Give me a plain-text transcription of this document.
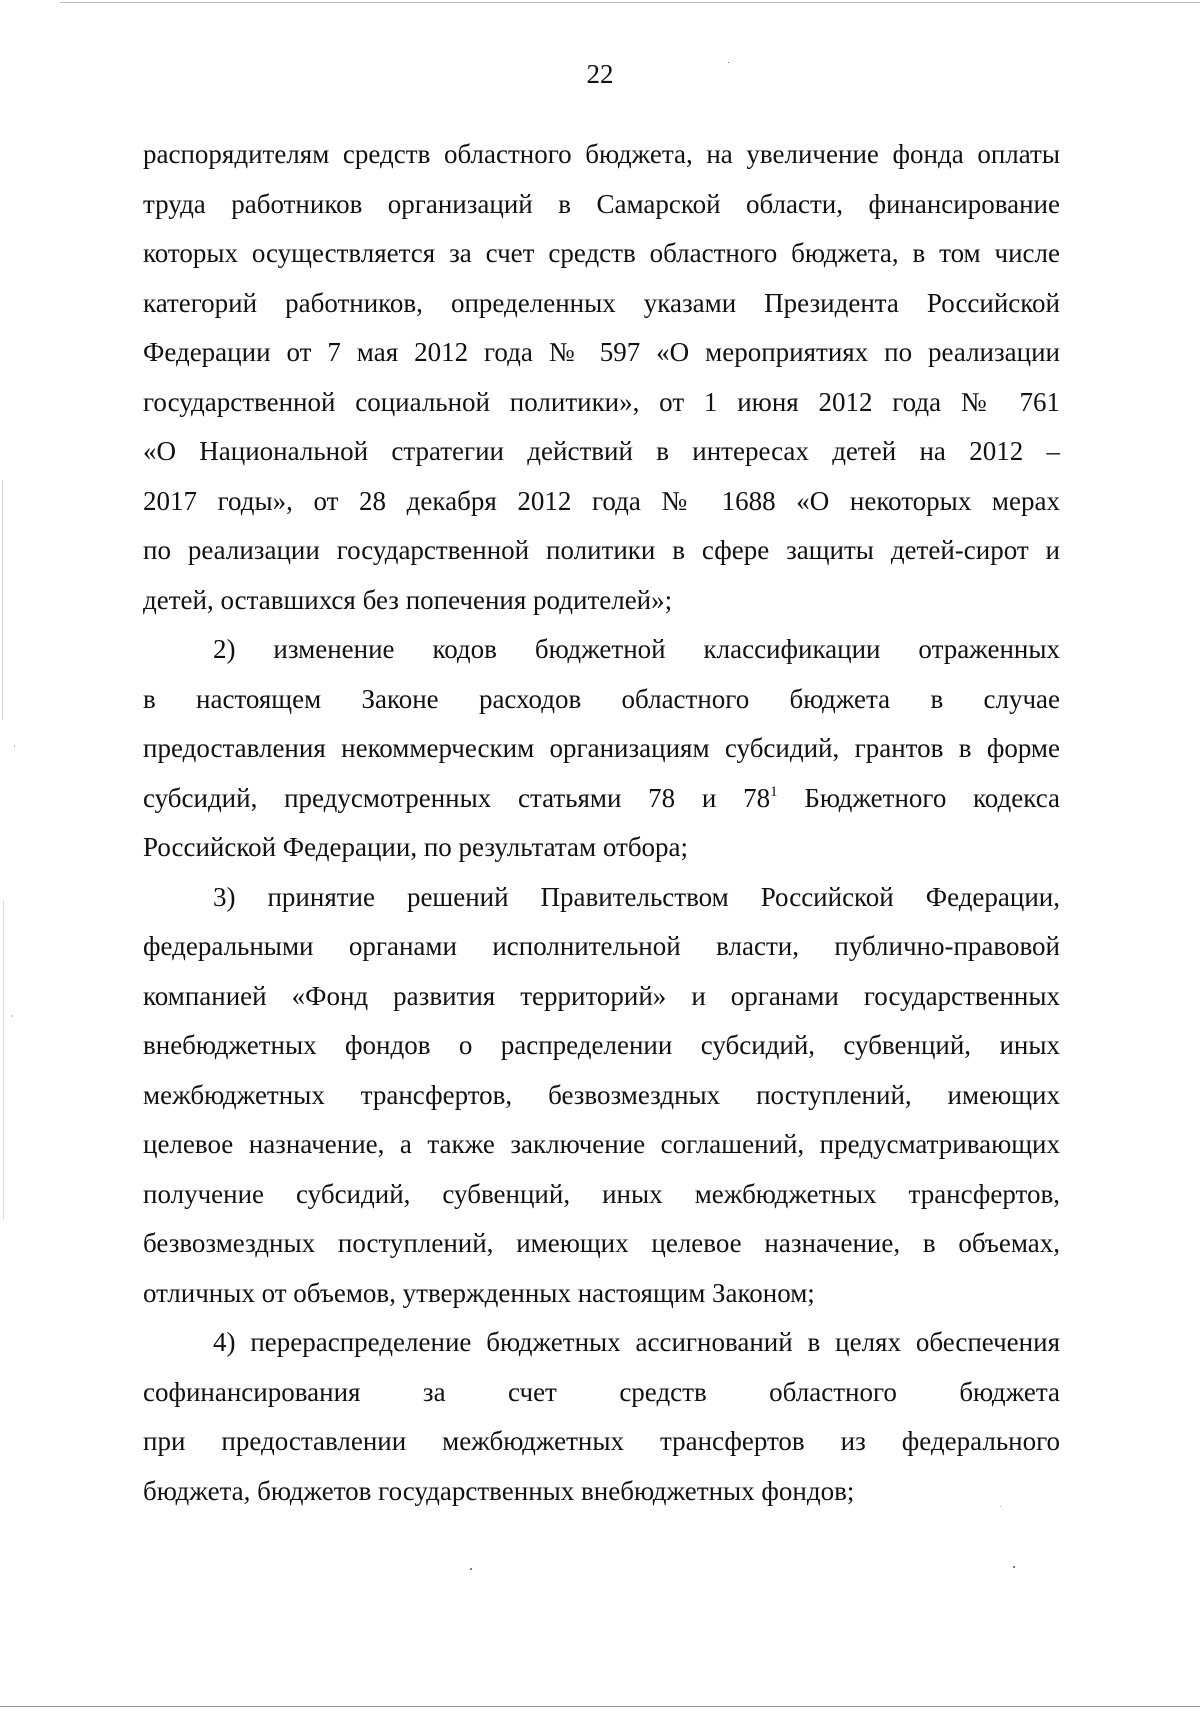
22
распорядителям средств областного бюджета, на увеличение фонда оплаты
труда работников организаций в Самарской области, финансирование
которых осуществляется за счет средств областного бюджета, в том числе
категорий работников, определенных указами Президента Российской
Федерации от 7 мая 2012 года № 597 «О мероприятиях по реализации
государственной социальной политики», от 1 июня 2012 года № 761
«О Национальной стратегии действий в интересах детей на 2012 –
2017 годы», от 28 декабря 2012 года № 1688 «О некоторых мерах
по реализации государственной политики в сфере защиты детей-сирот и
детей, оставшихся без попечения родителей»;
2) изменение кодов бюджетной классификации отраженных
в настоящем Законе расходов областного бюджета в случае
предоставления некоммерческим организациям субсидий, грантов в форме
субсидий, предусмотренных статьями 78 и $78^1$ Бюджетного кодекса
Российской Федерации, по результатам отбора;
3) принятие решений Правительством Российской Федерации,
федеральными органами исполнительной власти, публично-правовой
компанией «Фонд развития территорий» и органами государственных
внебюджетных фондов о распределении субсидий, субвенций, иных
межбюджетных трансфертов, безвозмездных поступлений, имеющих
целевое назначение, а также заключение соглашений, предусматривающих
получение субсидий, субвенций, иных межбюджетных трансфертов,
безвозмездных поступлений, имеющих целевое назначение, в объемах,
отличных от объемов, утвержденных настоящим Законом;
4) перераспределение бюджетных ассигнований в целях обеспечения
софинансирования за счет средств областного бюджета
при предоставлении межбюджетных трансфертов из федерального
бюджета, бюджетов государственных внебюджетных фондов;
